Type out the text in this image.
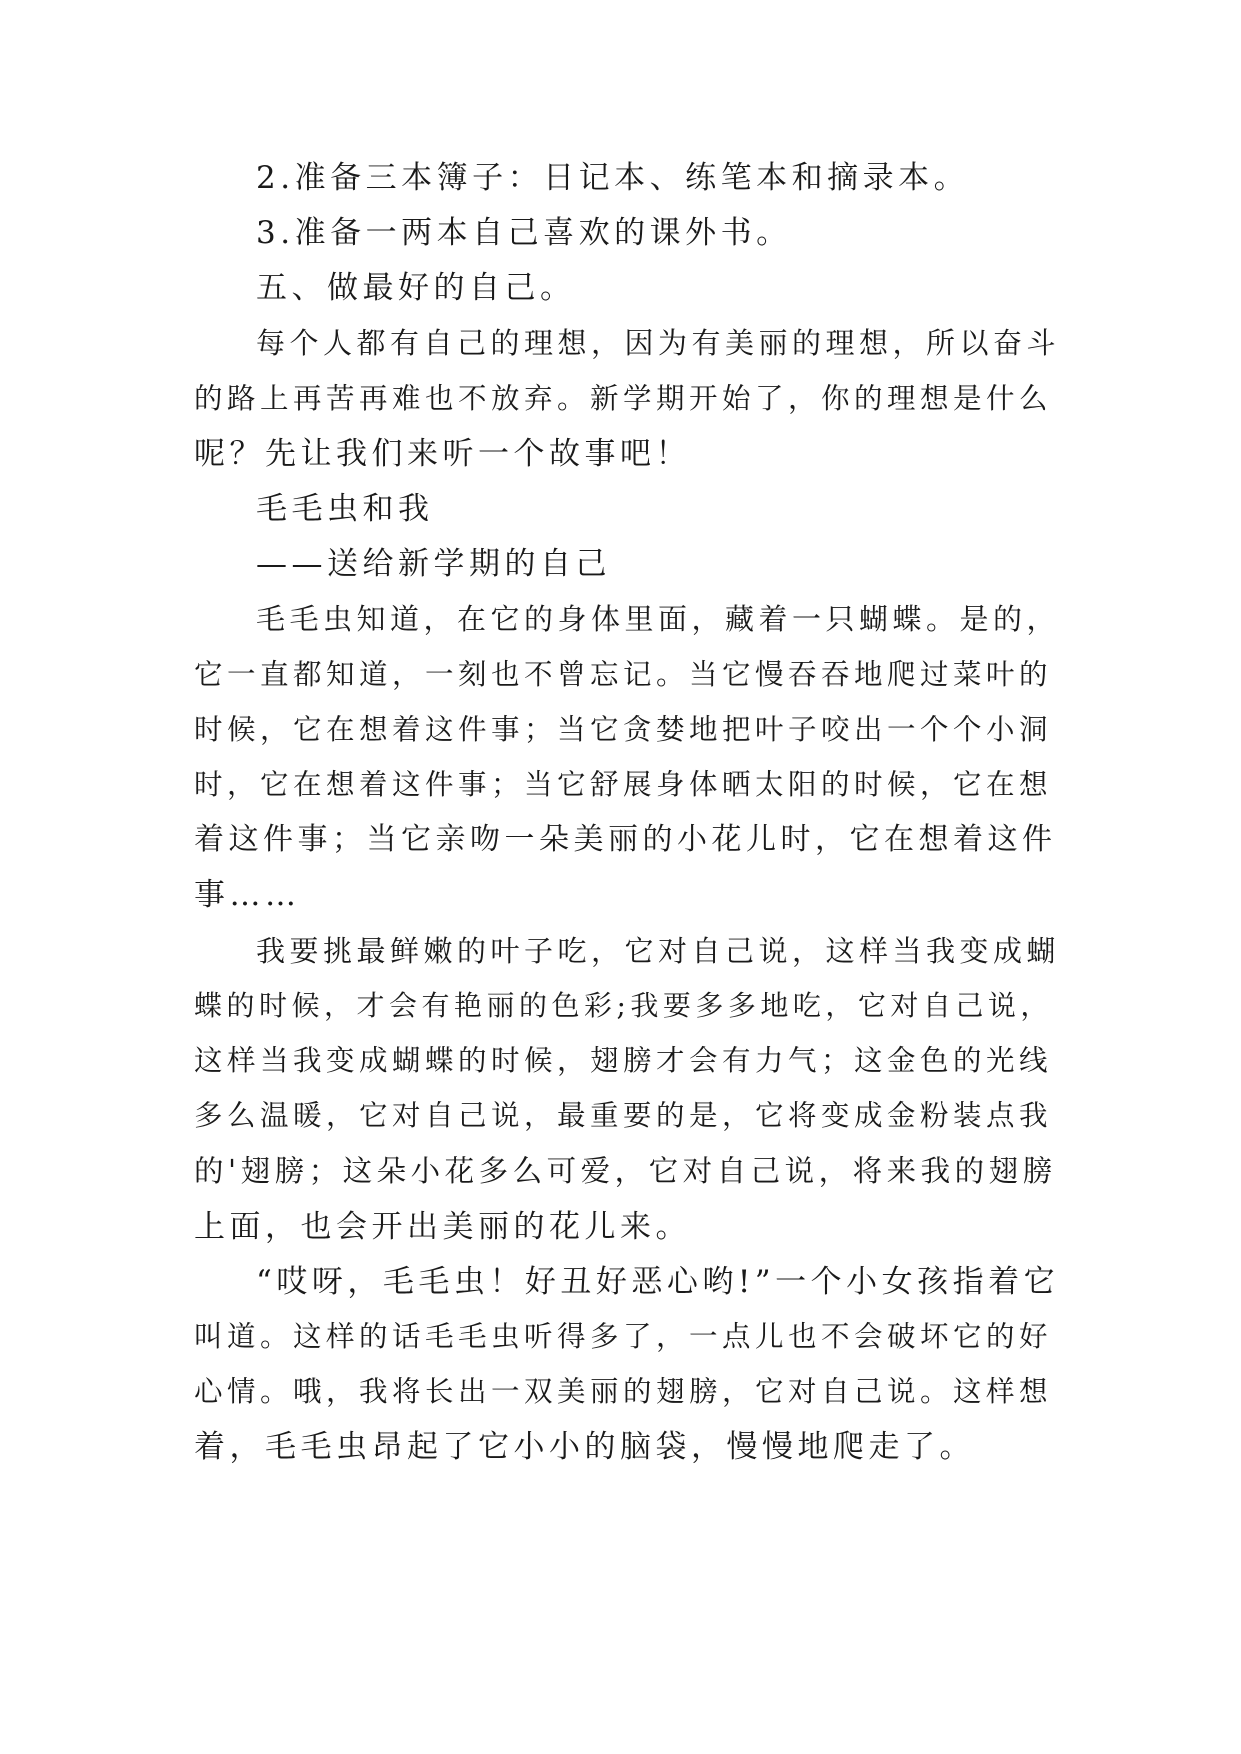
2.准备三本簿子：日记本、练笔本和摘录本。
3.准备一两本自己喜欢的课外书。
五、做最好的自己。
每个人都有自己的理想，因为有美丽的理想，所以奋斗
的路上再苦再难也不放弃。新学期开始了，你的理想是什么
呢？先让我们来听一个故事吧！
毛毛虫和我
——送给新学期的自己
毛毛虫知道，在它的身体里面，藏着一只蝴蝶。是的，
它一直都知道，一刻也不曾忘记。当它慢吞吞地爬过菜叶的
时候，它在想着这件事；当它贪婪地把叶子咬出一个个小洞
时，它在想着这件事；当它舒展身体晒太阳的时候，它在想
着这件事；当它亲吻一朵美丽的小花儿时，它在想着这件
事……
我要挑最鲜嫩的叶子吃，它对自己说，这样当我变成蝴
蝶的时候，才会有艳丽的色彩;我要多多地吃，它对自己说，
这样当我变成蝴蝶的时候，翅膀才会有力气；这金色的光线
多么温暖，它对自己说，最重要的是，它将变成金粉装点我
的'翅膀；这朵小花多么可爱，它对自己说，将来我的翅膀
上面，也会开出美丽的花儿来。
“哎呀，毛毛虫！好丑好恶心哟!”一个小女孩指着它
叫道。这样的话毛毛虫听得多了，一点儿也不会破坏它的好
心情。哦，我将长出一双美丽的翅膀，它对自己说。这样想
着，毛毛虫昂起了它小小的脑袋，慢慢地爬走了。
